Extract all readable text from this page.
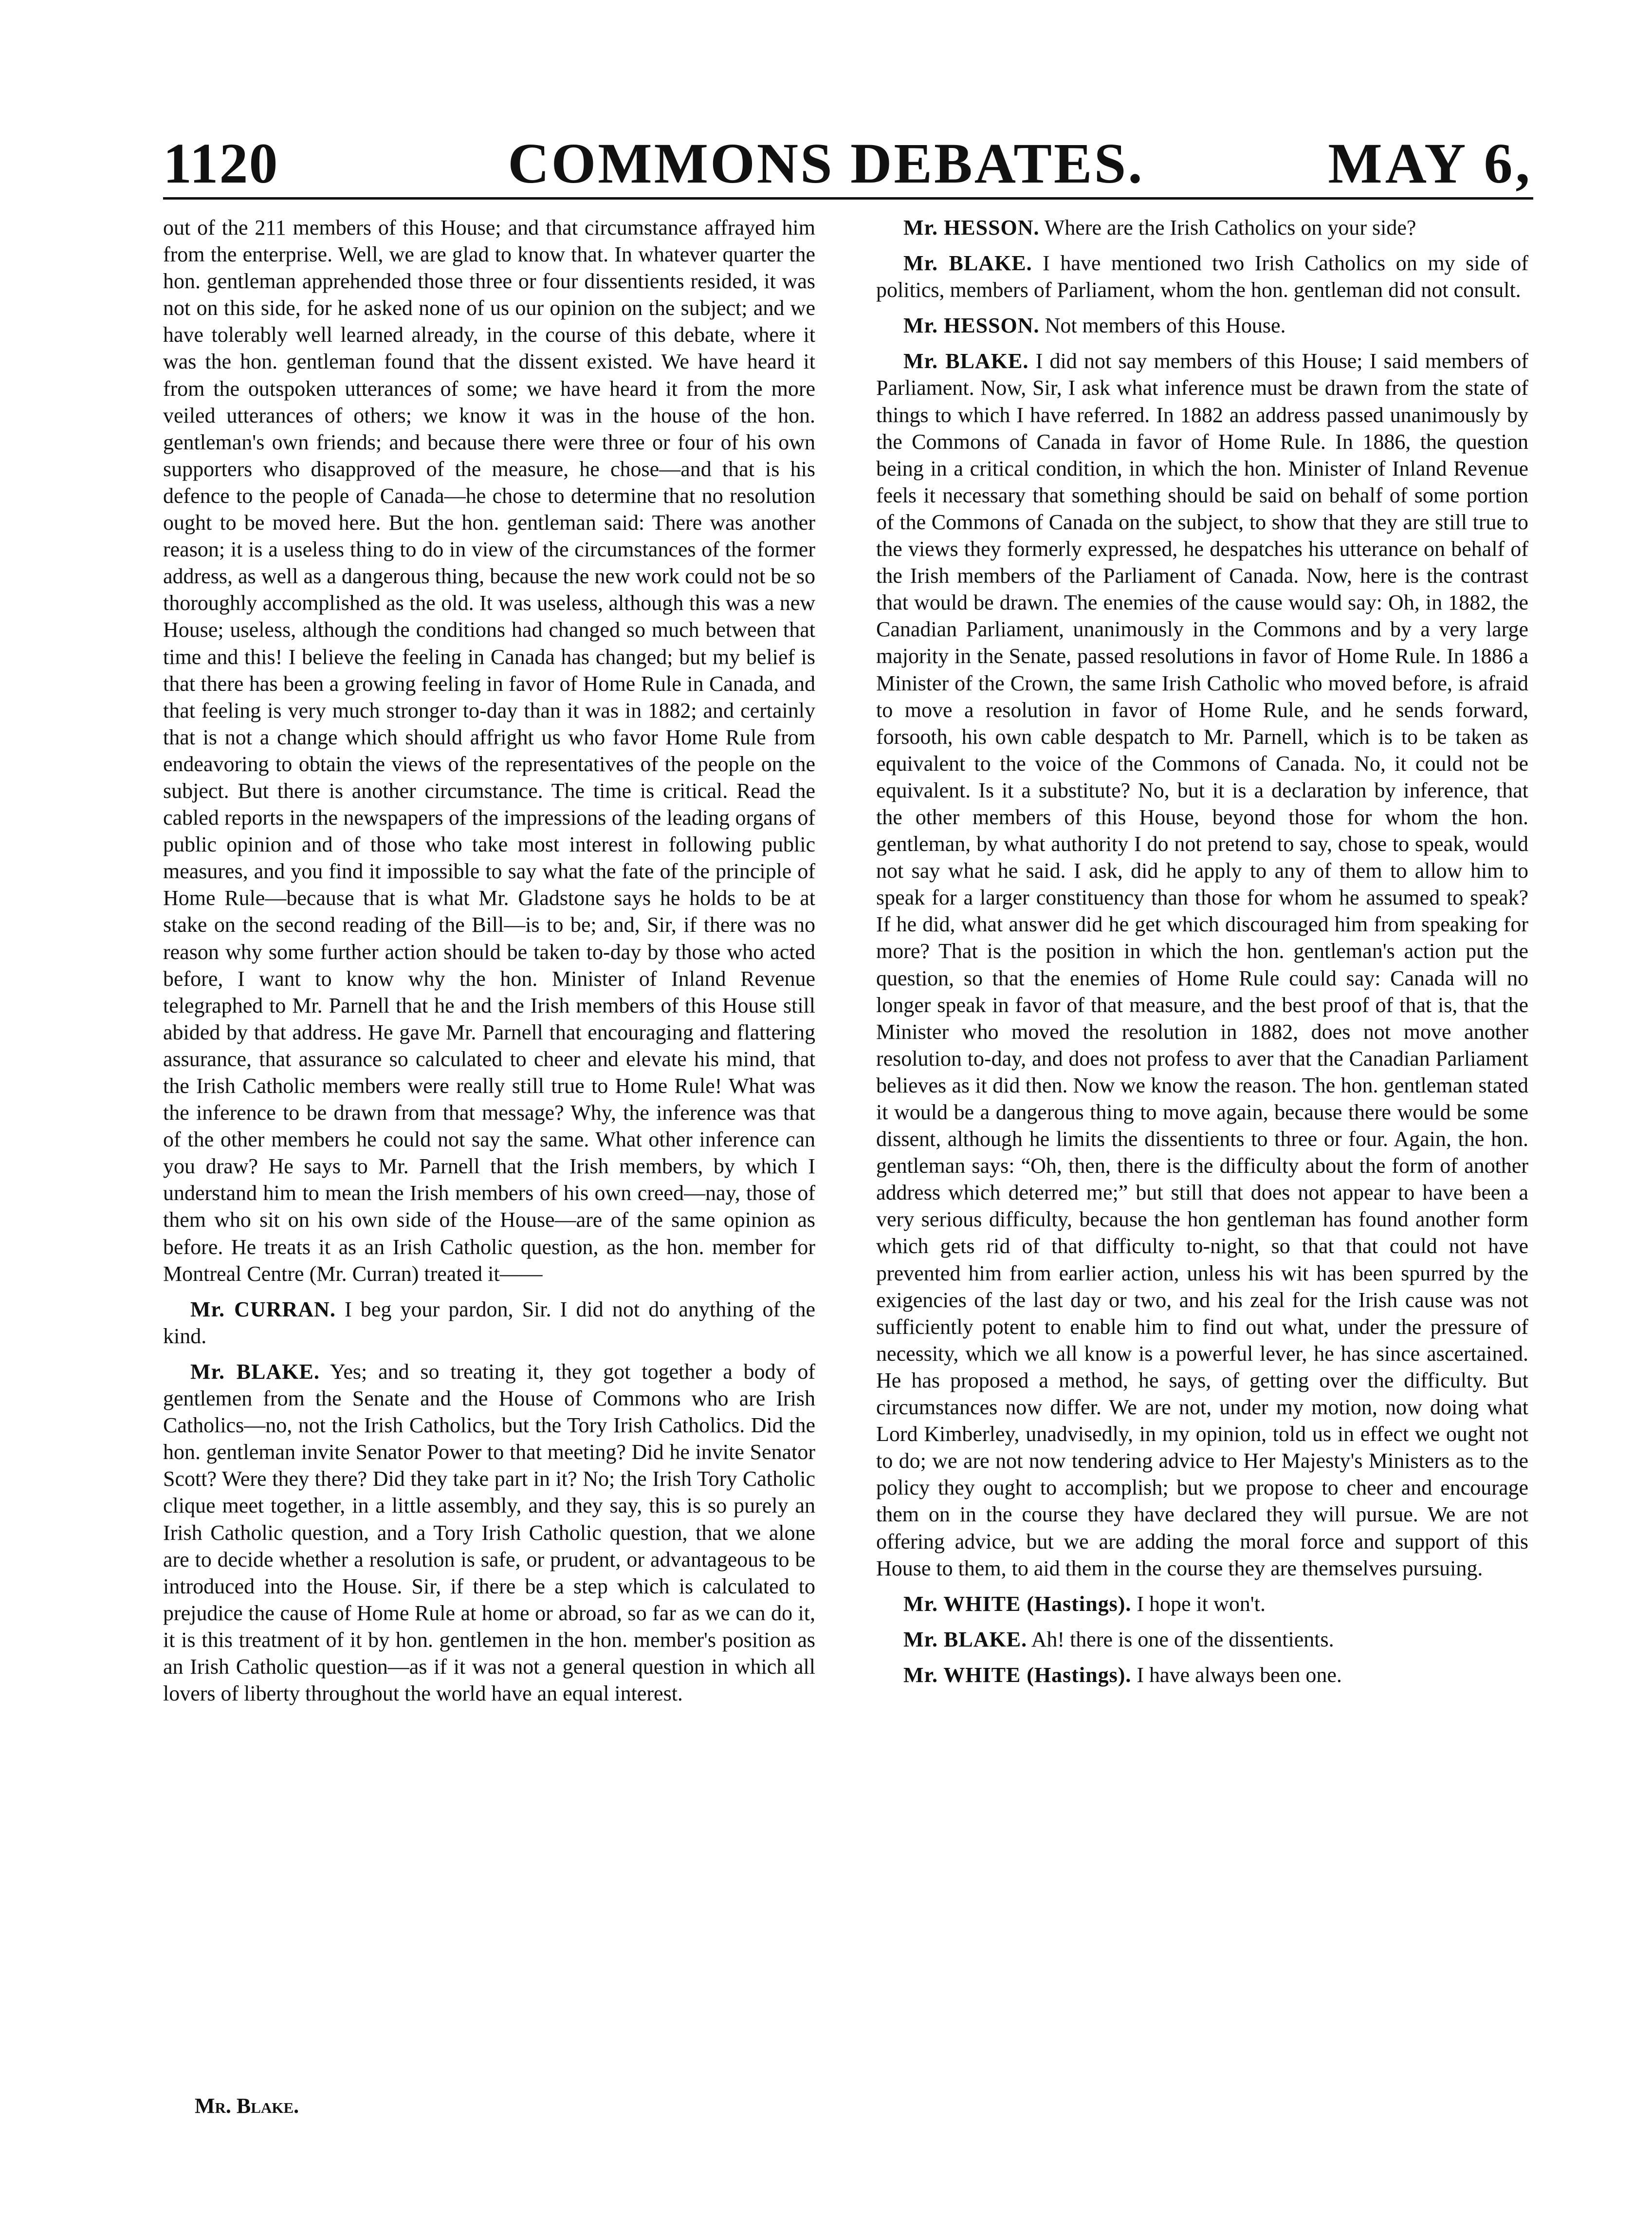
1120	COMMONS DEBATES.	MAY 6,

out of the 211 members of this House; and that circumstance affrayed him from the enterprise. Well, we are glad to know that. In whatever quarter the hon. gentleman apprehended those three or four dissentients resided, it was not on this side, for he asked none of us our opinion on the subject; and we have tolerably well learned already, in the course of this debate, where it was the hon. gentleman found that the dissent existed. We have heard it from the outspoken utterances of some; we have heard it from the more veiled utterances of others; we know it was in the house of the hon. gentleman's own friends; and because there were three or four of his own supporters who disapproved of the measure, he chose—and that is his defence to the people of Canada—he chose to determine that no resolution ought to be moved here. But the hon. gentleman said: There was another reason; it is a useless thing to do in view of the circumstances of the former address, as well as a dangerous thing, because the new work could not be so thoroughly accomplished as the old. It was useless, although this was a new House; useless, although the conditions had changed so much between that time and this! I believe the feeling in Canada has changed; but my belief is that there has been a growing feeling in favor of Home Rule in Canada, and that feeling is very much stronger to-day than it was in 1882; and certainly that is not a change which should affright us who favor Home Rule from endeavoring to obtain the views of the representatives of the people on the subject. But there is another circumstance. The time is critical. Read the cabled reports in the newspapers of the impressions of the leading organs of public opinion and of those who take most interest in following public measures, and you find it impossible to say what the fate of the principle of Home Rule—because that is what Mr. Gladstone says he holds to be at stake on the second reading of the Bill—is to be; and, Sir, if there was no reason why some further action should be taken to-day by those who acted before, I want to know why the hon. Minister of Inland Revenue telegraphed to Mr. Parnell that he and the Irish members of this House still abided by that address. He gave Mr. Parnell that encouraging and flattering assurance, that assurance so calculated to cheer and elevate his mind, that the Irish Catholic members were really still true to Home Rule! What was the inference to be drawn from that message? Why, the inference was that of the other members he could not say the same. What other inference can you draw? He says to Mr. Parnell that the Irish members, by which I understand him to mean the Irish members of his own creed—nay, those of them who sit on his own side of the House—are of the same opinion as before. He treats it as an Irish Catholic question, as the hon. member for Montreal Centre (Mr. Curran) treated it——

Mr. CURRAN. I beg your pardon, Sir. I did not do anything of the kind.

Mr. BLAKE. Yes; and so treating it, they got together a body of gentlemen from the Senate and the House of Commons who are Irish Catholics—no, not the Irish Catholics, but the Tory Irish Catholics. Did the hon. gentleman invite Senator Power to that meeting? Did he invite Senator Scott? Were they there? Did they take part in it? No; the Irish Tory Catholic clique meet together, in a little assembly, and they say, this is so purely an Irish Catholic question, and a Tory Irish Catholic question, that we alone are to decide whether a resolution is safe, or prudent, or advantageous to be introduced into the House. Sir, if there be a step which is calculated to prejudice the cause of Home Rule at home or abroad, so far as we can do it, it is this treatment of it by hon. gentlemen in the hon. member's position as an Irish Catholic question—as if it was not a general question in which all lovers of liberty throughout the world have an equal interest.

Mr. HESSON. Where are the Irish Catholics on your side?

Mr. BLAKE. I have mentioned two Irish Catholics on my side of politics, members of Parliament, whom the hon. gentleman did not consult.

Mr. HESSON. Not members of this House.

Mr. BLAKE. I did not say members of this House; I said members of Parliament. Now, Sir, I ask what inference must be drawn from the state of things to which I have referred. In 1882 an address passed unanimously by the Commons of Canada in favor of Home Rule. In 1886, the question being in a critical condition, in which the hon. Minister of Inland Revenue feels it necessary that something should be said on behalf of some portion of the Commons of Canada on the subject, to show that they are still true to the views they formerly expressed, he despatches his utterance on behalf of the Irish members of the Parliament of Canada. Now, here is the contrast that would be drawn. The enemies of the cause would say: Oh, in 1882, the Canadian Parliament, unanimously in the Commons and by a very large majority in the Senate, passed resolutions in favor of Home Rule. In 1886 a Minister of the Crown, the same Irish Catholic who moved before, is afraid to move a resolution in favor of Home Rule, and he sends forward, forsooth, his own cable despatch to Mr. Parnell, which is to be taken as equivalent to the voice of the Commons of Canada. No, it could not be equivalent. Is it a substitute? No, but it is a declaration by inference, that the other members of this House, beyond those for whom the hon. gentleman, by what authority I do not pretend to say, chose to speak, would not say what he said. I ask, did he apply to any of them to allow him to speak for a larger constituency than those for whom he assumed to speak? If he did, what answer did he get which discouraged him from speaking for more? That is the position in which the hon. gentleman's action put the question, so that the enemies of Home Rule could say: Canada will no longer speak in favor of that measure, and the best proof of that is, that the Minister who moved the resolution in 1882, does not move another resolution to-day, and does not profess to aver that the Canadian Parliament believes as it did then. Now we know the reason. The hon. gentleman stated it would be a dangerous thing to move again, because there would be some dissent, although he limits the dissentients to three or four. Again, the hon. gentleman says: “Oh, then, there is the difficulty about the form of another address which deterred me;” but still that does not appear to have been a very serious difficulty, because the hon gentleman has found another form which gets rid of that difficulty to-night, so that that could not have prevented him from earlier action, unless his wit has been spurred by the exigencies of the last day or two, and his zeal for the Irish cause was not sufficiently potent to enable him to find out what, under the pressure of necessity, which we all know is a powerful lever, he has since ascertained. He has proposed a method, he says, of getting over the difficulty. But circumstances now differ. We are not, under my motion, now doing what Lord Kimberley, unadvisedly, in my opinion, told us in effect we ought not to do; we are not now tendering advice to Her Majesty's Ministers as to the policy they ought to accomplish; but we propose to cheer and encourage them on in the course they have declared they will pursue. We are not offering advice, but we are adding the moral force and support of this House to them, to aid them in the course they are themselves pursuing.

Mr. WHITE (Hastings). I hope it won't.

Mr. BLAKE. Ah! there is one of the dissentients.

Mr. WHITE (Hastings). I have always been one.

Mr. Blake.
